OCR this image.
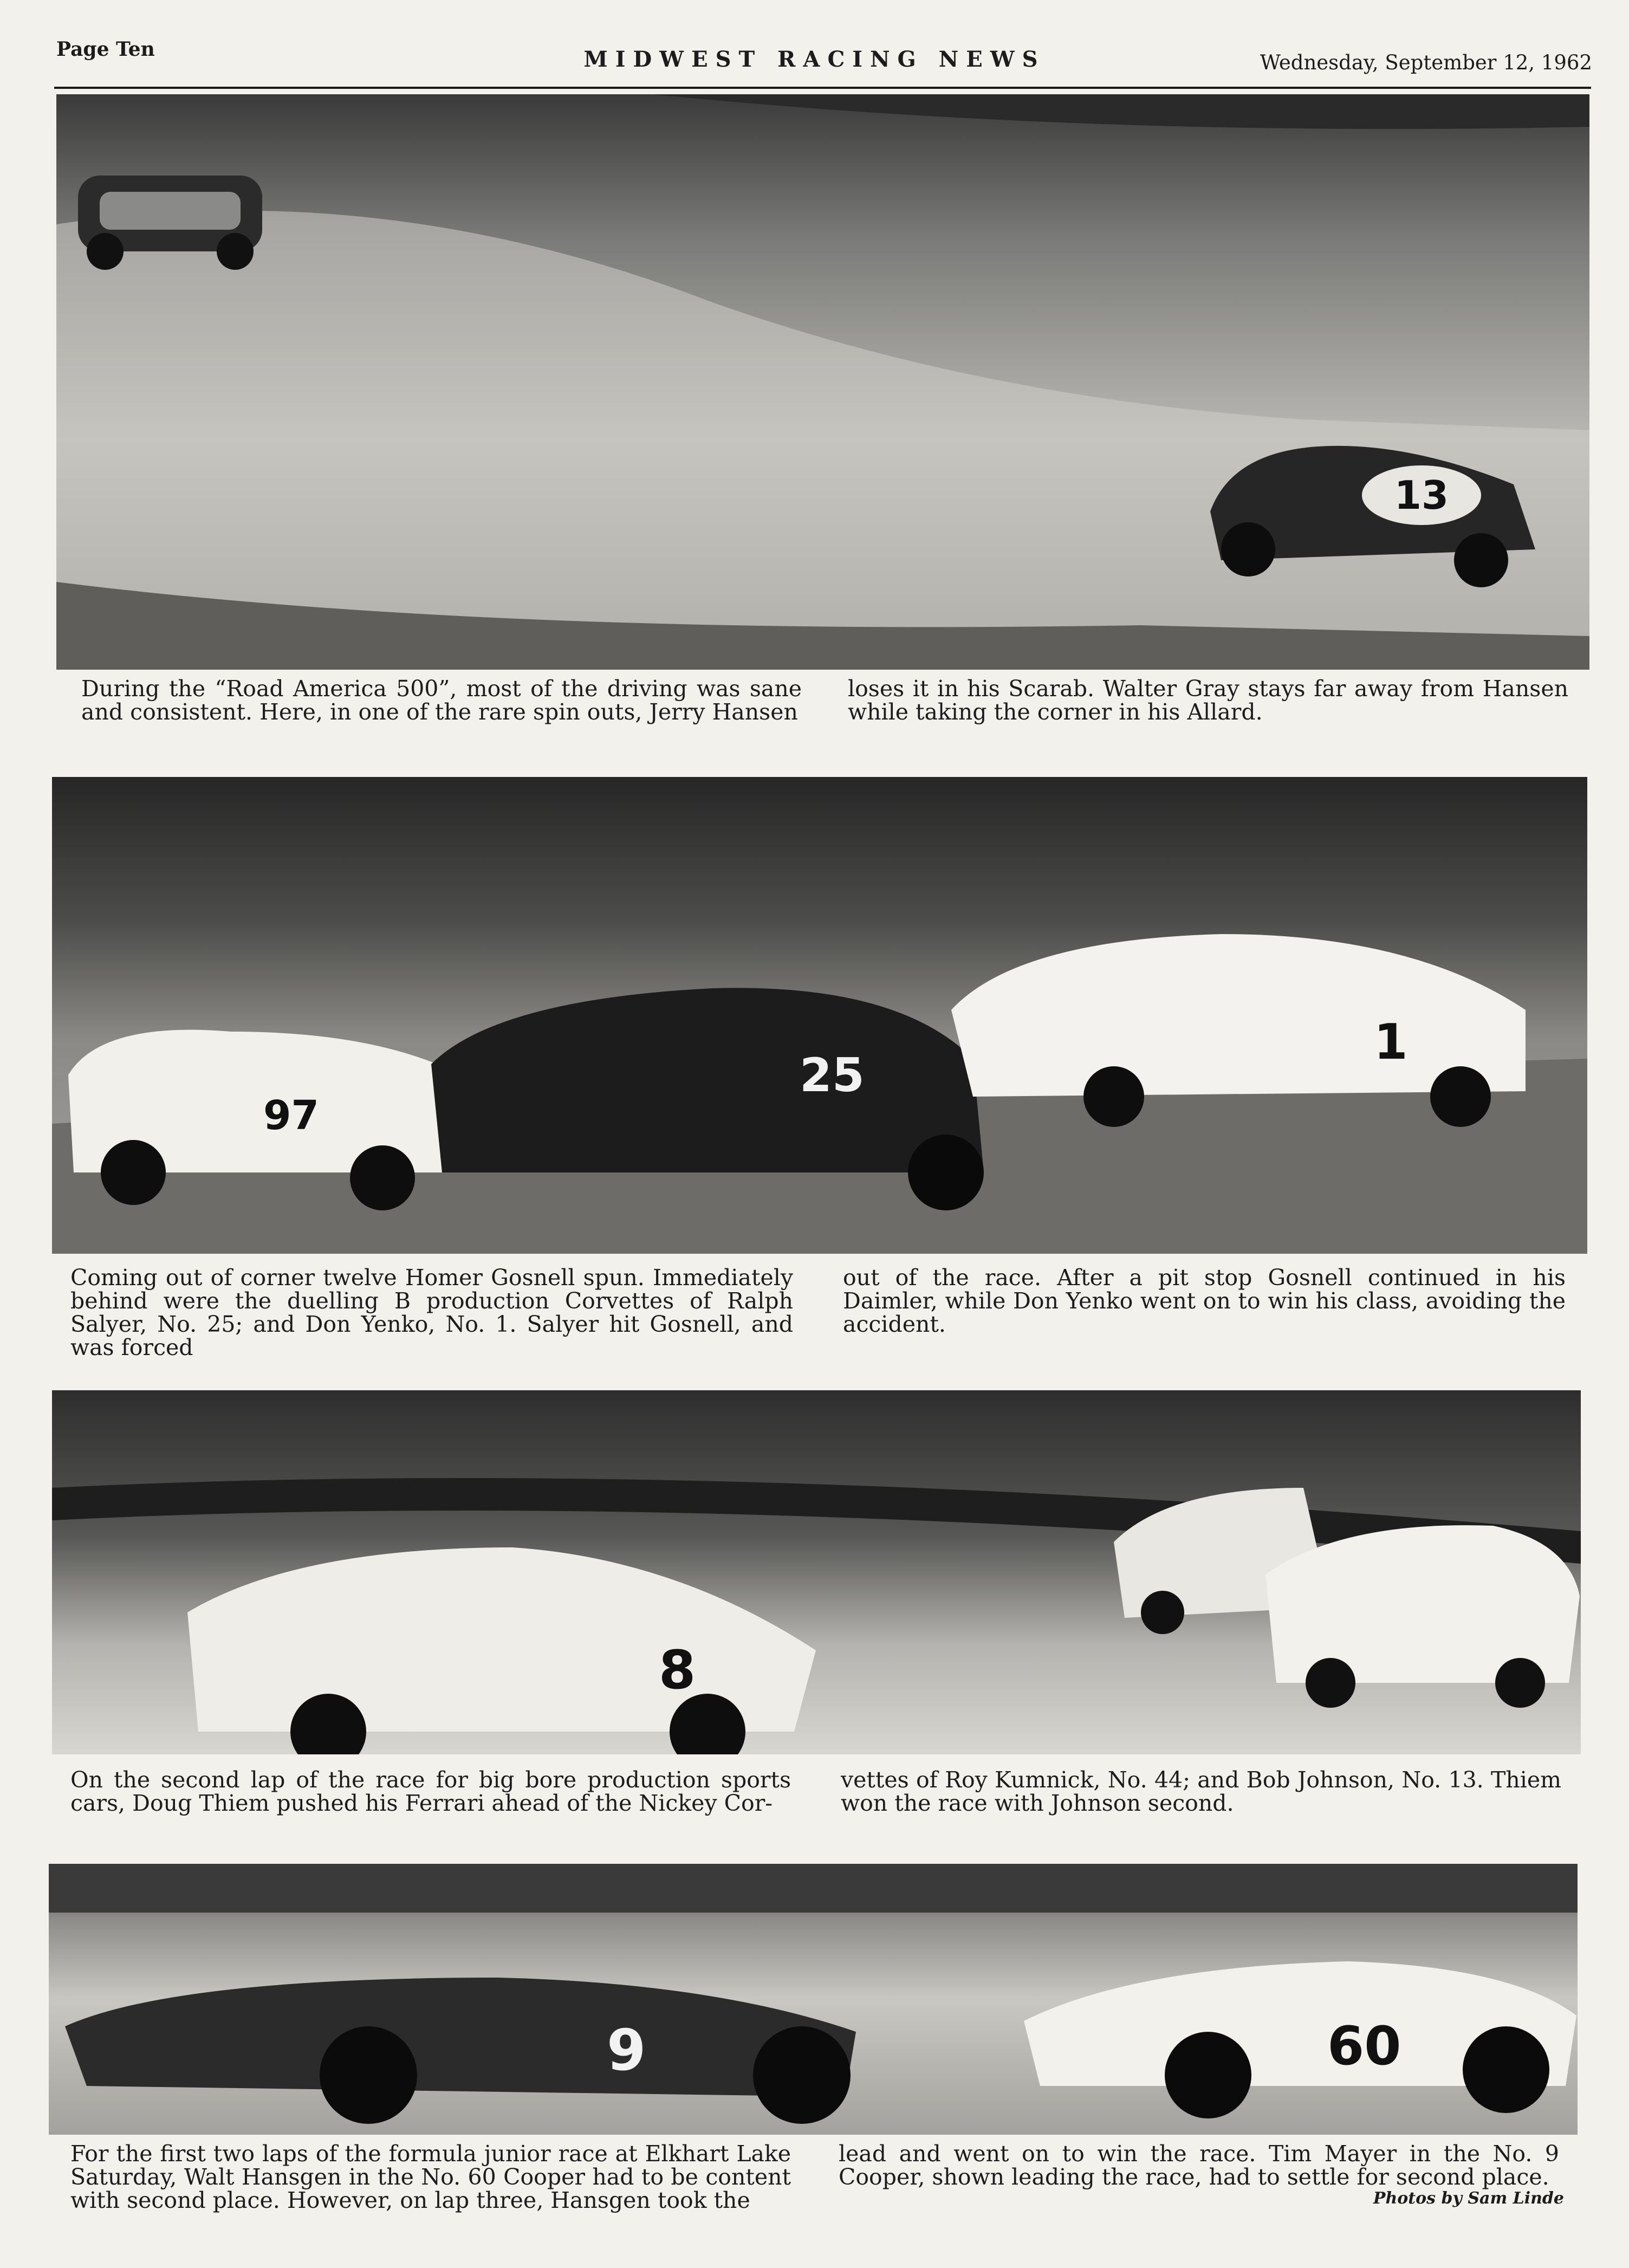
Page Ten	MIDWEST RACING NEWS	Wednesday, September 12, 1962
13
During the “Road America 500”, most of the driving was sane and consistent. Here, in one of the rare spin outs, Jerry Hansen
loses it in his Scarab. Walter Gray stays far away from Hansen while taking the corner in his Allard.
97
25
1
Coming out of corner twelve Homer Gosnell spun. Immediately behind were the duelling B production Corvettes of Ralph Salyer, No. 25; and Don Yenko, No. 1. Salyer hit Gosnell, and was forced
out of the race. After a pit stop Gosnell continued in his Daimler, while Don Yenko went on to win his class, avoiding the accident.
8
On the second lap of the race for big bore production sports cars, Doug Thiem pushed his Ferrari ahead of the Nickey Cor-
vettes of Roy Kumnick, No. 44; and Bob Johnson, No. 13. Thiem won the race with Johnson second.
9	60
For the first two laps of the formula junior race at Elkhart Lake Saturday, Walt Hansgen in the No. 60 Cooper had to be content with second place. However, on lap three, Hansgen took the
lead and went on to win the race. Tim Mayer in the No. 9 Cooper, shown leading the race, had to settle for second place.
Photos by Sam Linde
